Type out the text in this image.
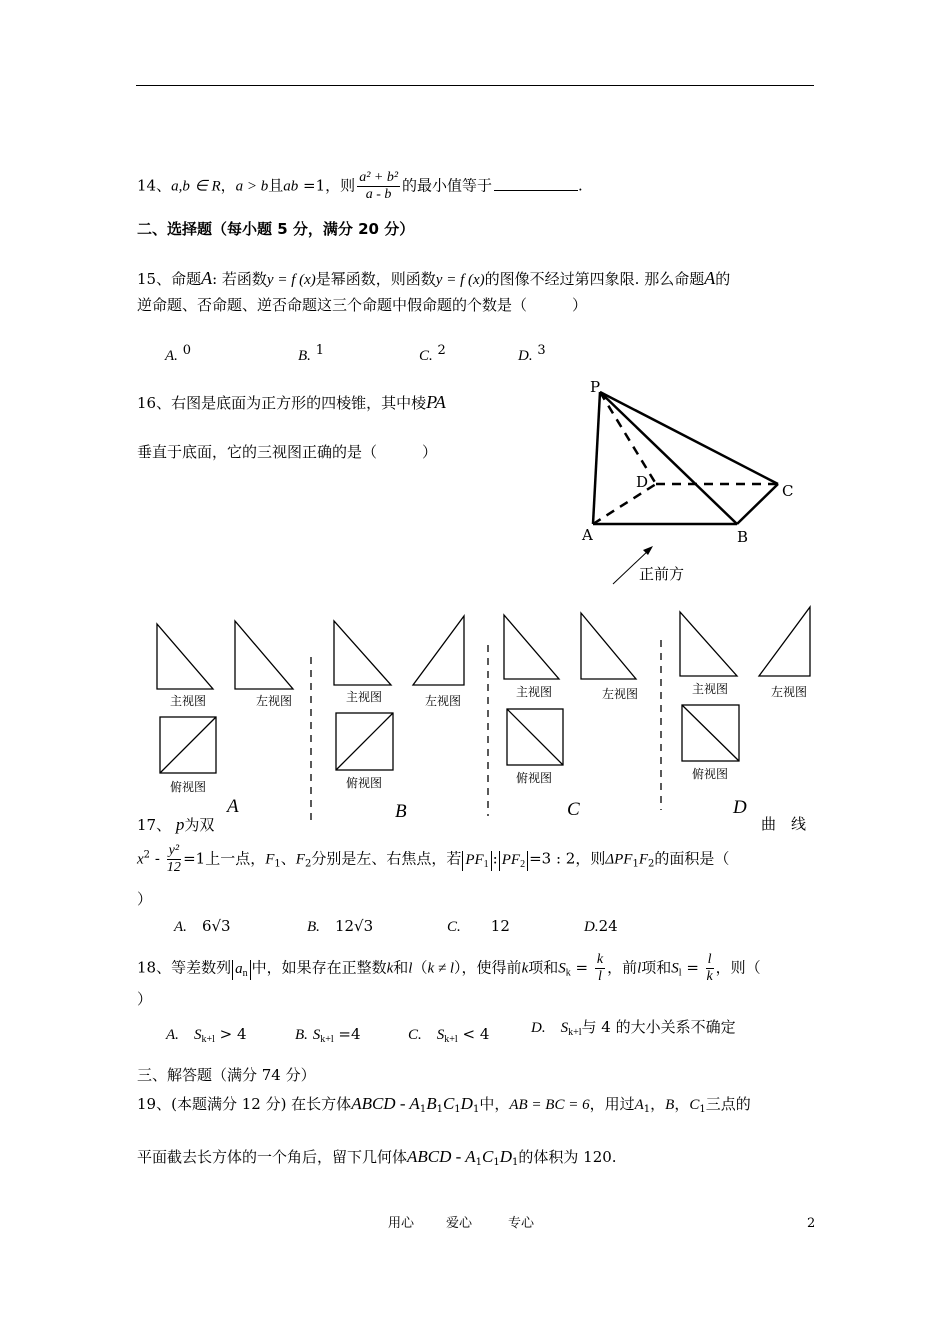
14、a,b ∈ R，a > b且ab =1，则 $\frac{\text{a² + b²}}{a - b}$ 的最小值等于	.
二、选择题（每小题 5 分，满分 20 分）
15、命题A: 若函数y = f (x)是幂函数，则函数y = f (x)的图像不经过第四象限. 那么命题A的
逆命题、否命题、逆否命题这三个命题中假命题的个数是（　　　）
A. 0	B. 1	C. 2	D. 3
16、右图是底面为正方形的四棱锥，其中棱PA
垂直于底面，它的三视图正确的是（　　　）
P
D	C
A	B
正前方
主视图	左视图
俯视图
主视图	左视图
俯视图
主视图	左视图
俯视图
主视图	左视图
俯视图
A	B	C	D
17、 p为双	曲　线
$x^2 - \frac{\text{y²}}{12} =1$上一点，$F_1$、$F_2$分别是左、右焦点，若 $PF_1$ : $PF_2 =3$ : 2，则$\Delta PF_1F_2$的面积是（
）
A.　 6√3	B.　 12√3	C.　　 12	D.24
18、等差数列 $a_n$ 中，如果存在正整数k和l（k ≠ l），使得前k项和$S_k = \frac{k}{l}$ ，前l项和$S_l = \frac{l}{k}$ ，则（
）
A.　 $S_{k+l} > 4$	B. $S_{k+l} =4$	C.　 $S_{k+l} < 4$	D.　 $S_{k+l}$与 4 的大小关系不确定
三、解答题（满分 74 分）
19、(本题满分 12 分) 在长方体ABCD - $A_1B_1C_1D_1$中，AB = BC = 6，用过$A_1$，B，$C_1$三点的
平面截去长方体的一个角后，留下几何体ABCD - $A_1C_1D_1$的体积为 120.
用心 爱心	专心	2
